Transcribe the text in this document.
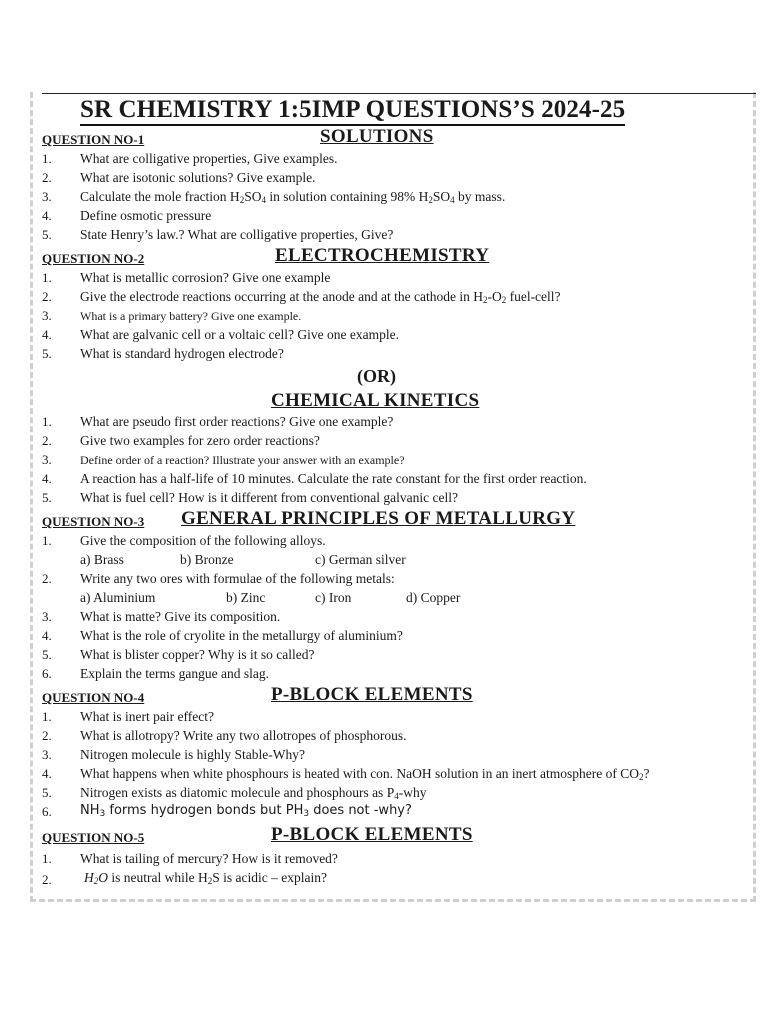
SR CHEMISTRY 1:5IMP QUESTIONS’S 2024-25
QUESTION NO-1	SOLUTIONS
1. What are colligative properties, Give examples.
2. What are isotonic solutions? Give example.
3. Calculate the mole fraction $H_2SO_4$ in solution containing 98% $H_2SO_4$ by mass.
4. Define osmotic pressure
5. State Henry’s law.? What are colligative properties, Give?
QUESTION NO-2	ELECTROCHEMISTRY
1. What is metallic corrosion? Give one example
2. Give the electrode reactions occurring at the anode and at the cathode in $H_2-O_2$ fuel-cell?
3. What is a primary battery? Give one example.
4. What are galvanic cell or a voltaic cell? Give one example.
5. What is standard hydrogen electrode?
(OR)
CHEMICAL KINETICS
1. What are pseudo first order reactions? Give one example?
2. Give two examples for zero order reactions?
3. Define order of a reaction? Illustrate your answer with an example?
4. A reaction has a half-life of 10 minutes. Calculate the rate constant for the first order reaction.
5. What is fuel cell? How is it different from conventional galvanic cell?
QUESTION NO-3 GENERAL PRINCIPLES OF METALLURGY
1. Give the composition of the following alloys.
a) Brass	b) Bronze	c) German silver
2. Write any two ores with formulae of the following metals:
a) Aluminium	b) Zinc	c) Iron	d) Copper
3. What is matte? Give its composition.
4. What is the role of cryolite in the metallurgy of aluminium?
5. What is blister copper? Why is it so called?
6. Explain the terms gangue and slag.
QUESTION NO-4	P-BLOCK ELEMENTS
1. What is inert pair effect?
2. What is allotropy? Write any two allotropes of phosphorous.
3. Nitrogen molecule is highly Stable-Why?
4. What happens when white phosphours is heated with con. NaOH solution in an inert atmosphere of $CO_2$?
5. Nitrogen exists as diatomic molecule and phosphours as $P_4$-why
6. $NH_3$ forms hydrogen bonds but $PH_3$ does not -why?
QUESTION NO-5	P-BLOCK ELEMENTS
1. What is tailing of mercury? How is it removed?
2. $H_2O$ is neutral while $H_2S$ is acidic – explain?
